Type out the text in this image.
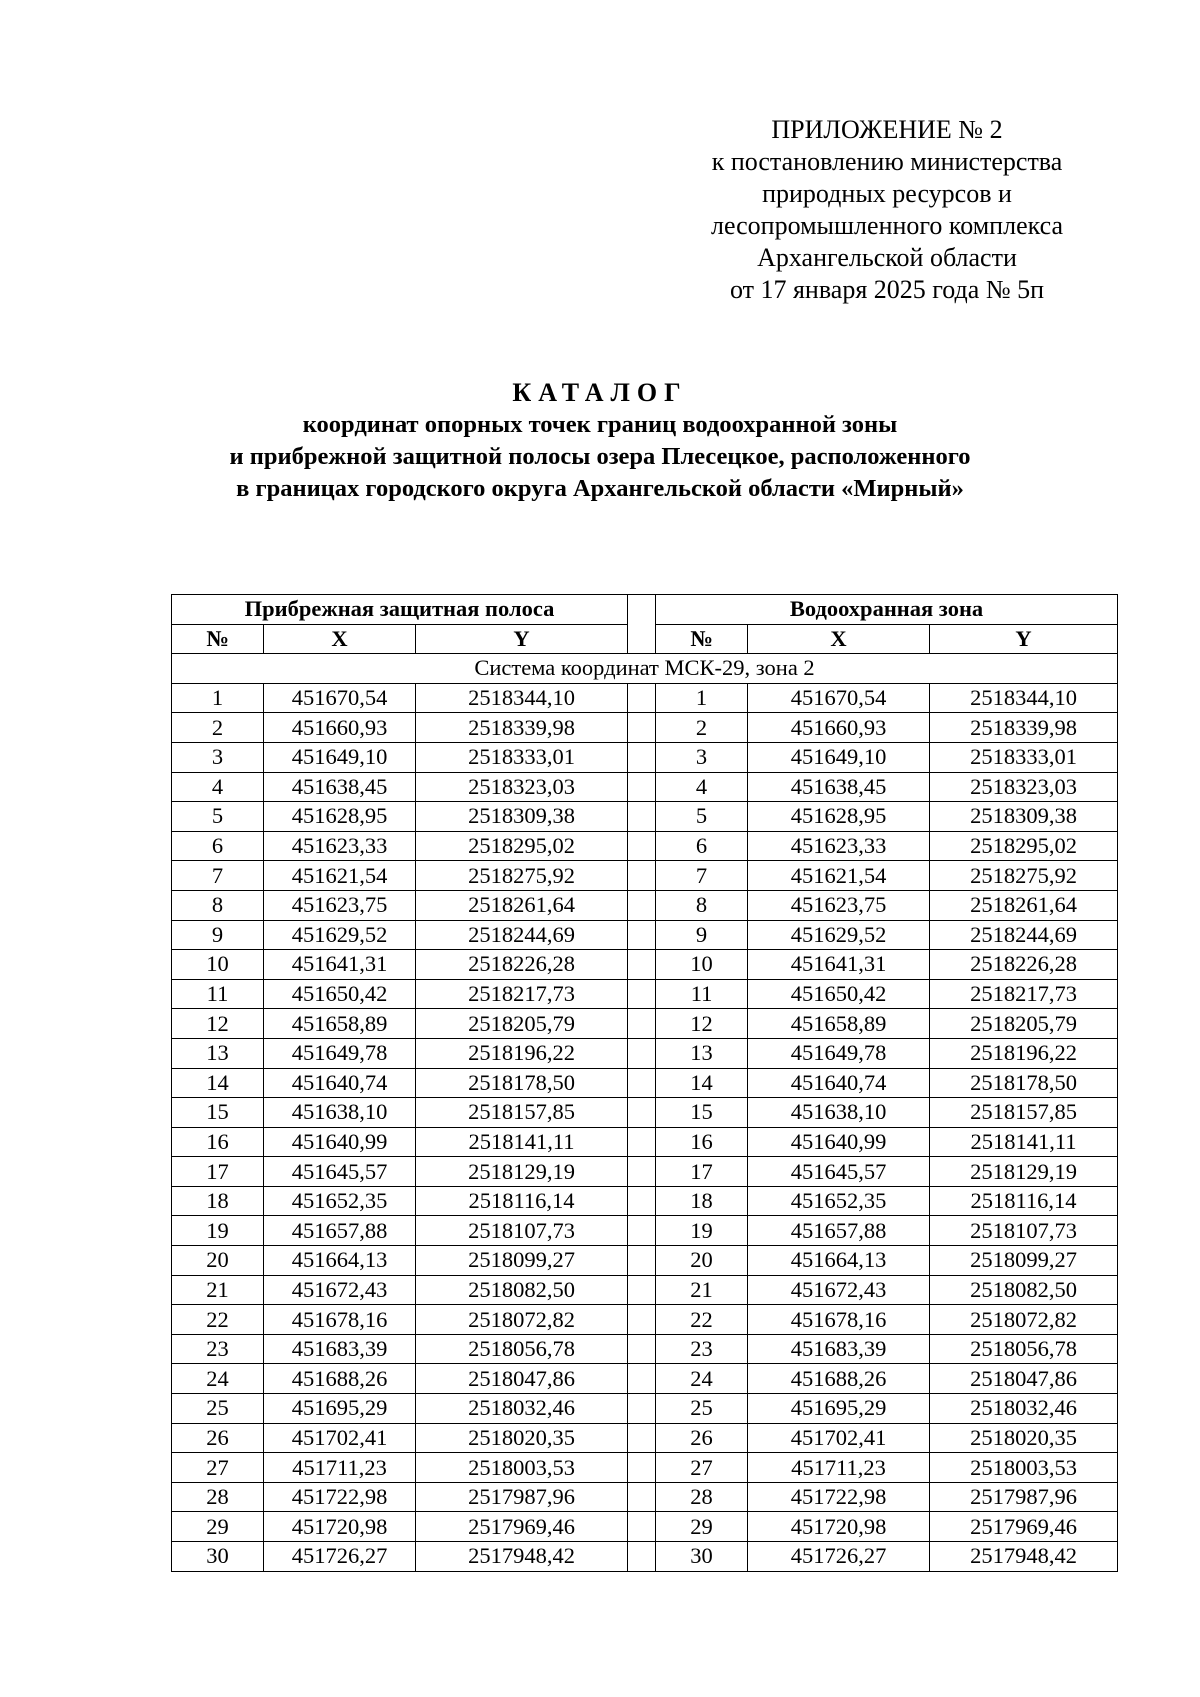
ПРИЛОЖЕНИЕ № 2
к постановлению министерства
природных ресурсов и
лесопромышленного комплекса
Архангельской области
от 17 января 2025 года № 5п
КАТАЛОГ
координат опорных точек границ водоохранной зоны
и прибрежной защитной полосы озера Плесецкое, расположенного
в границах городского округа Архангельской области «Мирный»
Прибрежная защитная полоса				Водоохранная зона		
№	X	Y		№	X	Y
Система координат МСК-29, зона 2						
1	451670,54	2518344,10		1	451670,54	2518344,10
2	451660,93	2518339,98		2	451660,93	2518339,98
3	451649,10	2518333,01		3	451649,10	2518333,01
4	451638,45	2518323,03		4	451638,45	2518323,03
5	451628,95	2518309,38		5	451628,95	2518309,38
6	451623,33	2518295,02		6	451623,33	2518295,02
7	451621,54	2518275,92		7	451621,54	2518275,92
8	451623,75	2518261,64		8	451623,75	2518261,64
9	451629,52	2518244,69		9	451629,52	2518244,69
10	451641,31	2518226,28		10	451641,31	2518226,28
11	451650,42	2518217,73		11	451650,42	2518217,73
12	451658,89	2518205,79		12	451658,89	2518205,79
13	451649,78	2518196,22		13	451649,78	2518196,22
14	451640,74	2518178,50		14	451640,74	2518178,50
15	451638,10	2518157,85		15	451638,10	2518157,85
16	451640,99	2518141,11		16	451640,99	2518141,11
17	451645,57	2518129,19		17	451645,57	2518129,19
18	451652,35	2518116,14		18	451652,35	2518116,14
19	451657,88	2518107,73		19	451657,88	2518107,73
20	451664,13	2518099,27		20	451664,13	2518099,27
21	451672,43	2518082,50		21	451672,43	2518082,50
22	451678,16	2518072,82		22	451678,16	2518072,82
23	451683,39	2518056,78		23	451683,39	2518056,78
24	451688,26	2518047,86		24	451688,26	2518047,86
25	451695,29	2518032,46		25	451695,29	2518032,46
26	451702,41	2518020,35		26	451702,41	2518020,35
27	451711,23	2518003,53		27	451711,23	2518003,53
28	451722,98	2517987,96		28	451722,98	2517987,96
29	451720,98	2517969,46		29	451720,98	2517969,46
30	451726,27	2517948,42		30	451726,27	2517948,42
